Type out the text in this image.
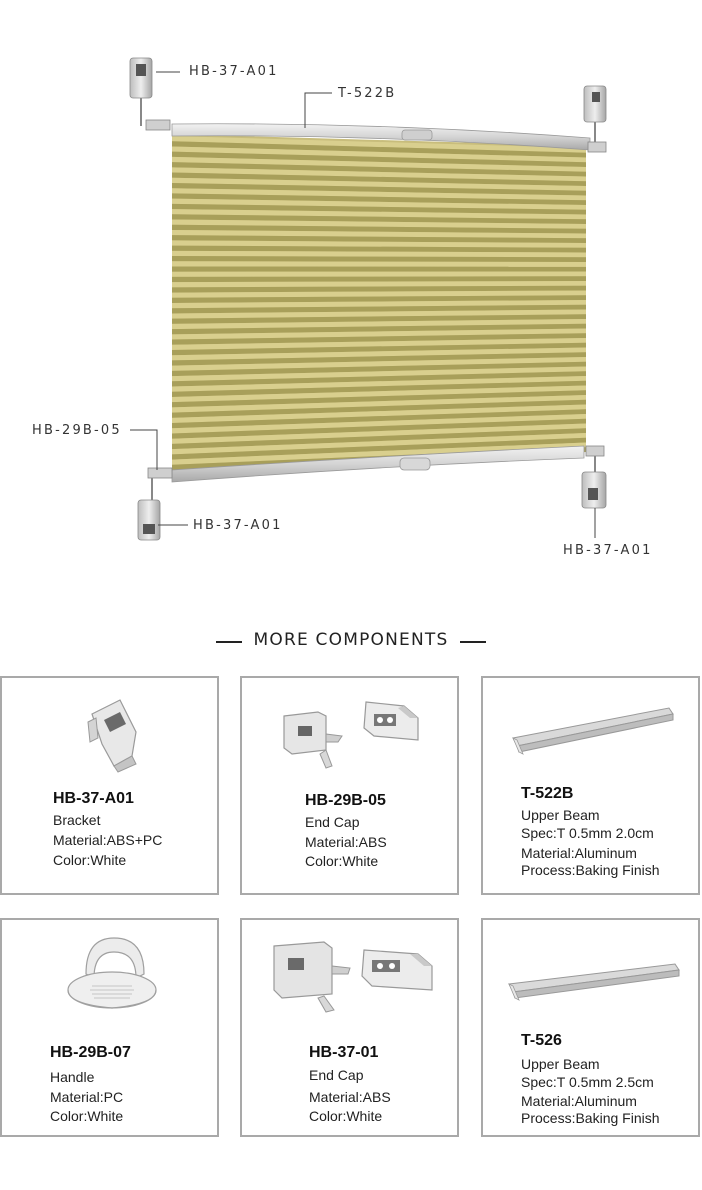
HB-37-A01
T-522B
HB-29B-05
HB-37-A01
HB-37-A01
MORE COMPONENTS
HB-37-A01
Bracket
Material:ABS+PC
Color:White
HB-29B-05
End Cap
Material:ABS
Color:White
T-522B
Upper Beam
Spec:T 0.5mm 2.0cm
Material:Aluminum
Process:Baking Finish
HB-29B-07
Handle
Material:PC
Color:White
HB-37-01
End Cap
Material:ABS
Color:White
T-526
Upper Beam
Spec:T 0.5mm 2.5cm
Material:Aluminum
Process:Baking Finish
